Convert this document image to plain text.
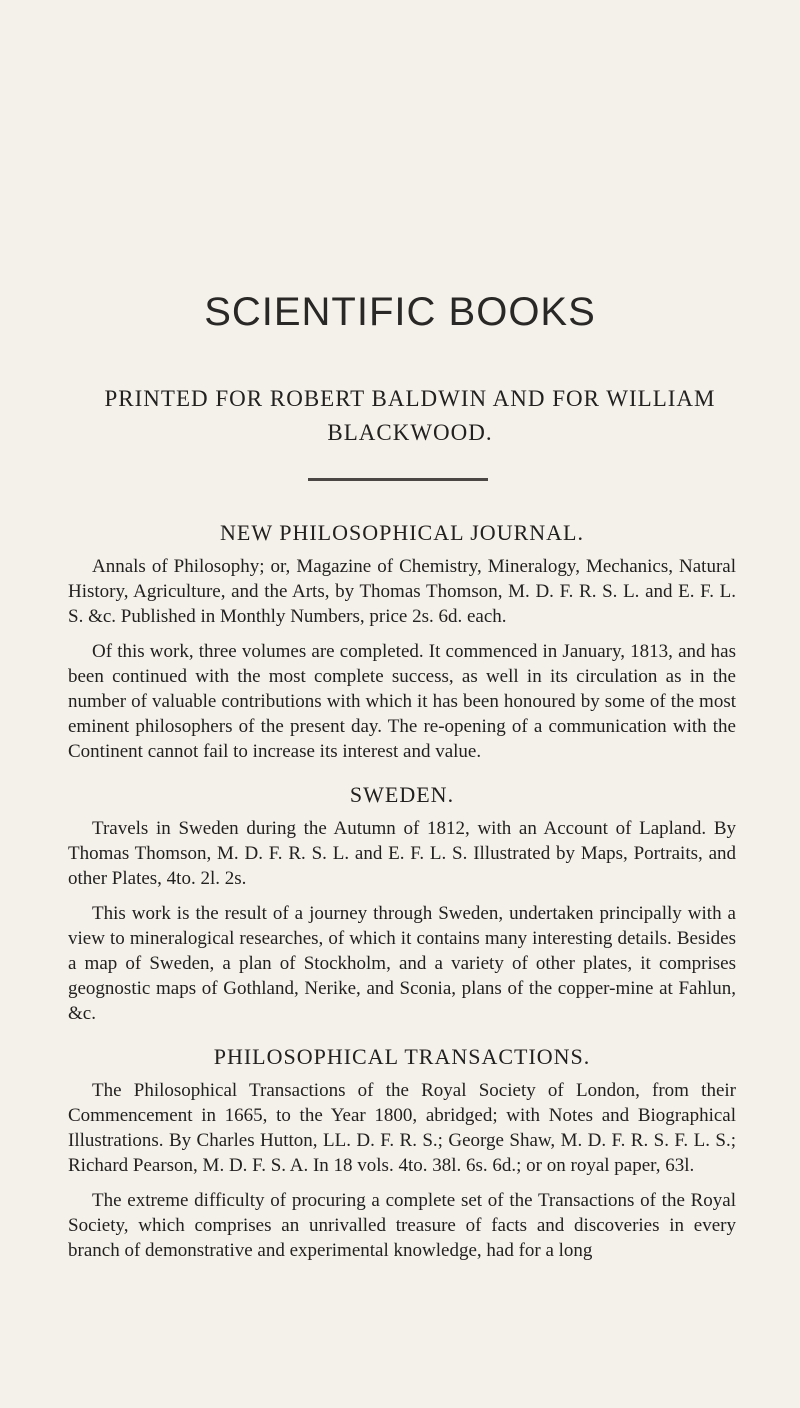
SCIENTIFIC BOOKS
PRINTED FOR ROBERT BALDWIN AND FOR WILLIAM BLACKWOOD.
NEW PHILOSOPHICAL JOURNAL.

Annals of Philosophy; or, Magazine of Chemistry, Mineralogy, Mechanics, Natural History, Agriculture, and the Arts, by Thomas Thomson, M. D. F. R. S. L. and E. F. L. S. &c. Published in Monthly Numbers, price 2s. 6d. each.

Of this work, three volumes are completed. It commenced in January, 1813, and has been continued with the most complete success, as well in its circulation as in the number of valuable contributions with which it has been honoured by some of the most eminent philosophers of the present day. The re-opening of a communication with the Continent cannot fail to increase its interest and value.

SWEDEN.

Travels in Sweden during the Autumn of 1812, with an Account of Lapland. By Thomas Thomson, M. D. F. R. S. L. and E. F. L. S. Illustrated by Maps, Portraits, and other Plates, 4to. 2l. 2s.

This work is the result of a journey through Sweden, undertaken principally with a view to mineralogical researches, of which it contains many interesting details. Besides a map of Sweden, a plan of Stockholm, and a variety of other plates, it comprises geognostic maps of Gothland, Nerike, and Sconia, plans of the copper-mine at Fahlun, &c.

PHILOSOPHICAL TRANSACTIONS.

The Philosophical Transactions of the Royal Society of London, from their Commencement in 1665, to the Year 1800, abridged; with Notes and Biographical Illustrations. By Charles Hutton, LL. D. F. R. S.; George Shaw, M. D. F. R. S. F. L. S.; Richard Pearson, M. D. F. S. A. In 18 vols. 4to. 38l. 6s. 6d.; or on royal paper, 63l.

The extreme difficulty of procuring a complete set of the Transactions of the Royal Society, which comprises an unrivalled treasure of facts and discoveries in every branch of demonstrative and experimental knowledge, had for a long
